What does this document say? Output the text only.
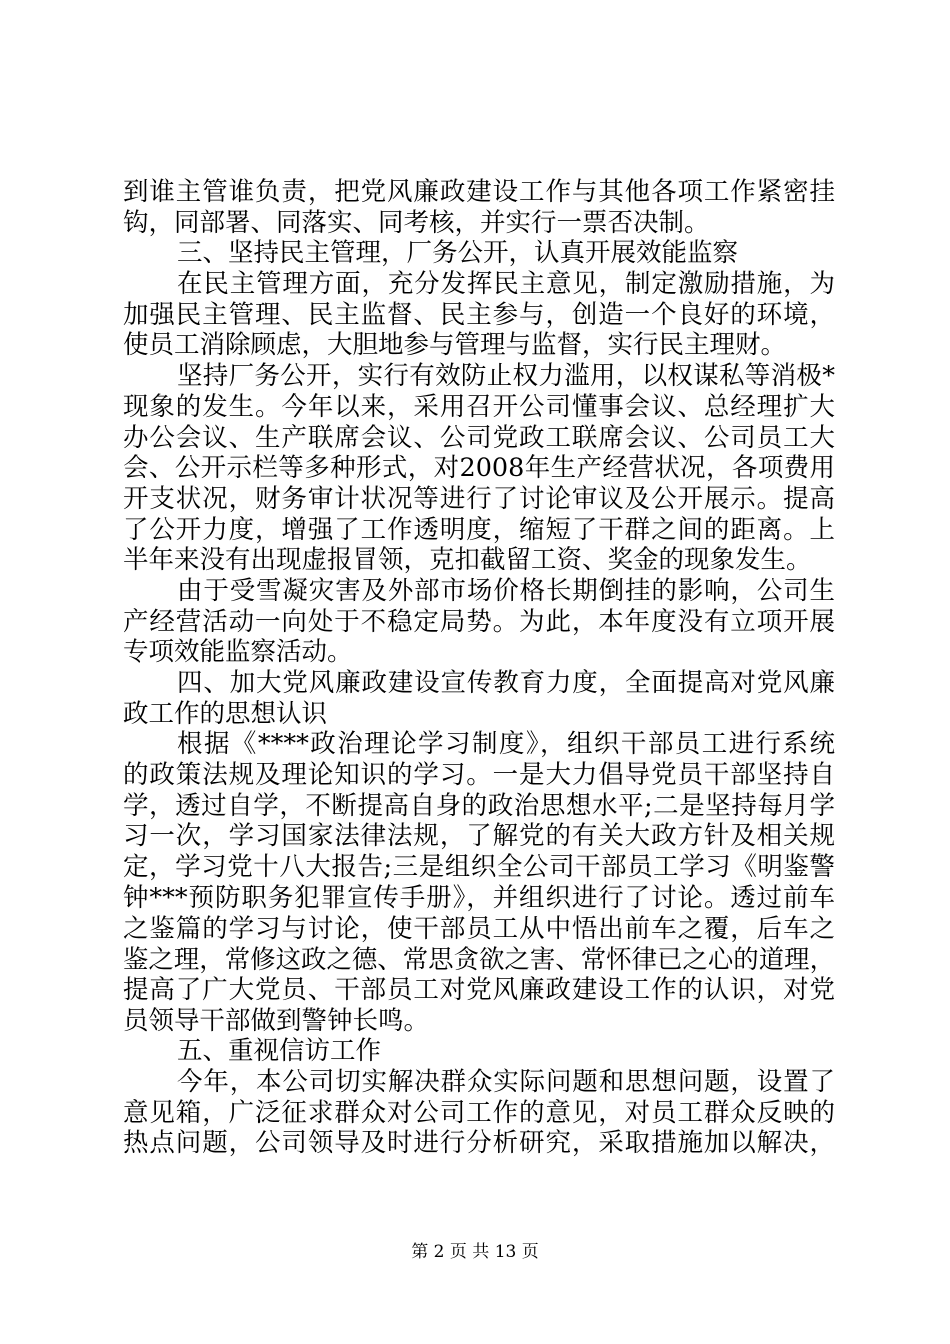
到谁主管谁负责，把党风廉政建设工作与其他各项工作紧密挂
钩，同部署、同落实、同考核，并实行一票否决制。
三、坚持民主管理，厂务公开，认真开展效能监察
在民主管理方面，充分发挥民主意见，制定激励措施，为
加强民主管理、民主监督、民主参与，创造一个良好的环境，
使员工消除顾虑，大胆地参与管理与监督，实行民主理财。
坚持厂务公开，实行有效防止权力滥用，以权谋私等消极*
现象的发生。今年以来，采用召开公司懂事会议、总经理扩大
办公会议、生产联席会议、公司党政工联席会议、公司员工大
会、公开示栏等多种形式，对2008年生产经营状况，各项费用
开支状况，财务审计状况等进行了讨论审议及公开展示。提高
了公开力度，增强了工作透明度，缩短了干群之间的距离。上
半年来没有出现虚报冒领，克扣截留工资、奖金的现象发生。
由于受雪凝灾害及外部市场价格长期倒挂的影响，公司生
产经营活动一向处于不稳定局势。为此，本年度没有立项开展
专项效能监察活动。
四、加大党风廉政建设宣传教育力度，全面提高对党风廉
政工作的思想认识
根据《****政治理论学习制度》，组织干部员工进行系统
的政策法规及理论知识的学习。一是大力倡导党员干部坚持自
学，透过自学，不断提高自身的政治思想水平;二是坚持每月学
习一次，学习国家法律法规，了解党的有关大政方针及相关规
定，学习党十八大报告;三是组织全公司干部员工学习《明鉴警
钟***预防职务犯罪宣传手册》，并组织进行了讨论。透过前车
之鉴篇的学习与讨论，使干部员工从中悟出前车之覆，后车之
鉴之理，常修这政之德、常思贪欲之害、常怀律已之心的道理，
提高了广大党员、干部员工对党风廉政建设工作的认识，对党
员领导干部做到警钟长鸣。
五、重视信访工作
今年，本公司切实解决群众实际问题和思想问题，设置了
意见箱，广泛征求群众对公司工作的意见，对员工群众反映的
热点问题，公司领导及时进行分析研究，采取措施加以解决，
第 2 页 共 13 页
